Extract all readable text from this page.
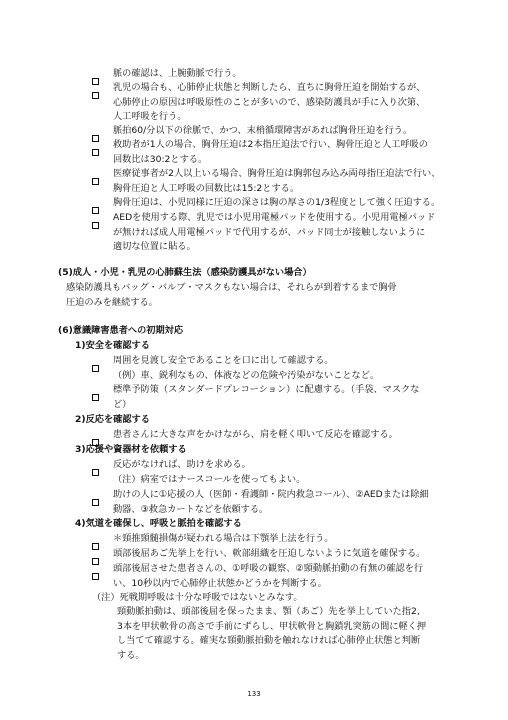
脈の確認は、上腕動脈で行う。
乳児の場合も、心肺停止状態と判断したら、直ちに胸骨圧迫を開始するが、
心肺停止の原因は呼吸原性のことが多いので、感染防護具が手に入り次第、
人工呼吸を行う。
脈拍60/分以下の徐脈で、かつ、末梢循環障害があれば胸骨圧迫を行う。
救助者が1人の場合、胸骨圧迫は2本指圧迫法で行い、胸骨圧迫と人工呼吸の
回数比は30:2とする。
医療従事者が2人以上いる場合、胸骨圧迫は胸郭包み込み両母指圧迫法で行い、
胸骨圧迫と人工呼吸の回数比は15:2とする。
胸骨圧迫は、小児同様に圧迫の深さは胸の厚さの1/3程度として強く圧迫する。
AEDを使用する際、乳児では小児用電極パッドを使用する。小児用電極パッド
が無ければ成人用電極パッドで代用するが、パッド同士が接触しないように
適切な位置に貼る。
(5)成人・小児・乳児の心肺蘇生法（感染防護具がない場合）
感染防護具もバッグ・バルブ・マスクもない場合は、それらが到着するまで胸骨
圧迫のみを継続する。
(6)意識障害患者への初期対応
1)安全を確認する
周囲を見渡し安全であることを口に出して確認する。
（例）車、鋭利なもの、体液などの危険や汚染がないことなど。
標準予防策（スタンダードプレコーション）に配慮する。（手袋、マスクな
ど）
2)反応を確認する
患者さんに大きな声をかけながら、肩を軽く叩いて反応を確認する。
3)応援や資器材を依頼する
反応がなければ、助けを求める。
（注）病室ではナースコールを使ってもよい。
助けの人に①応援の人（医師・看護師・院内救急コール）、②AEDまたは除細
動器、③救急カートなどを依頼する。
4)気道を確保し、呼吸と脈拍を確認する
＊頸推頸髄損傷が疑われる場合は下顎挙上法を行う。
頭部後屈あご先挙上を行い、軟部組織を圧迫しないように気道を確保する。
頭部後屈させた患者さんの、①呼吸の観察、②頸動脈拍動の有無の確認を行
い、10秒以内で心肺停止状態かどうかを判断する。
（注）死戦期呼吸は十分な呼吸ではないとみなす。
頸動脈拍動は、頭部後屈を保ったまま、顎（あご）先を挙上していた指2,
3本を甲状軟骨の高さで手前にずらし、甲状軟骨と胸鎖乳突筋の間に軽く押
し当てて確認する。確実な頸動脈拍動を触れなければ心肺停止状態と判断
する。
133
